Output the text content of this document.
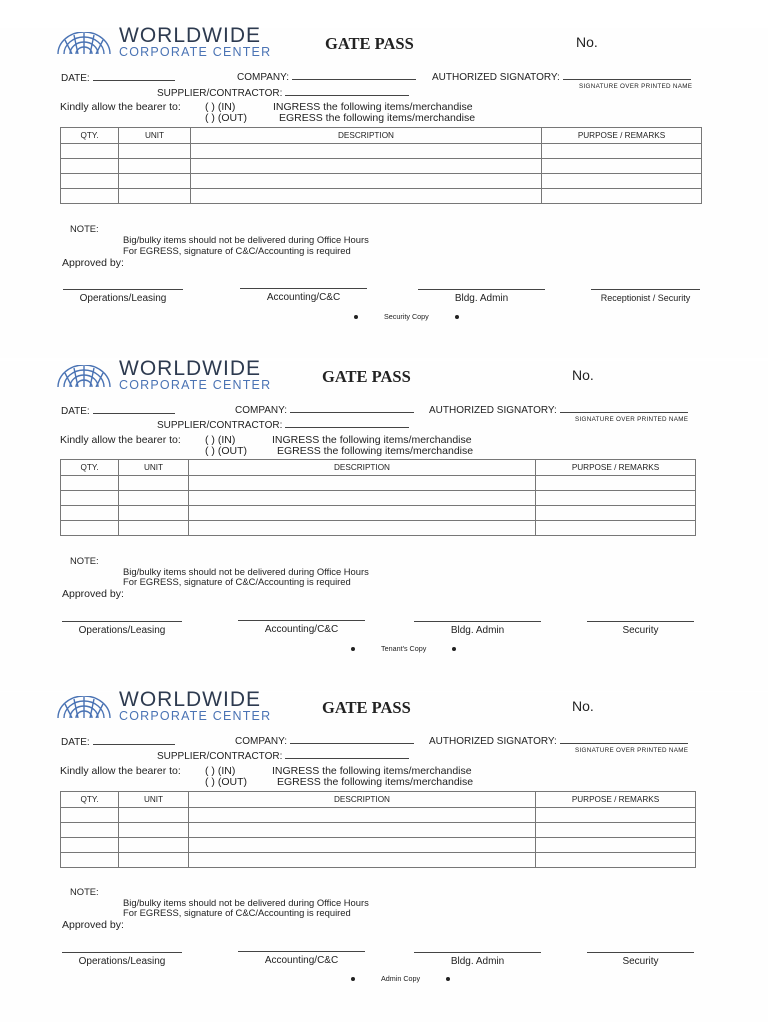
WORLDWIDE
CORPORATE CENTER	GATE PASS	No.
DATE:	COMPANY:	AUTHORIZED SIGNATORY:
SIGNATURE OVER PRINTED NAME
SUPPLIER/CONTRACTOR:
Kindly allow the bearer to: ( ) (IN)	INGRESS the following items/merchandise
( ) (OUT)	EGRESS the following items/merchandise
QTY.	UNIT	DESCRIPTION	PURPOSE / REMARKS

NOTE:
Big/bulky items should not be delivered during Office Hours
For EGRESS, signature of C&C/Accounting is required
Approved by:
Operations/Leasing	Accounting/C&C	Bldg. Admin	Receptionist / Security
Security Copy
WORLDWIDE
CORPORATE CENTER	GATE PASS	No.
DATE:	COMPANY:	AUTHORIZED SIGNATORY:
SIGNATURE OVER PRINTED NAME
SUPPLIER/CONTRACTOR:
Kindly allow the bearer to: ( ) (IN)	INGRESS the following items/merchandise
( ) (OUT)	EGRESS the following items/merchandise
QTY.	UNIT	DESCRIPTION	PURPOSE / REMARKS

NOTE:
Big/bulky items should not be delivered during Office Hours
For EGRESS, signature of C&C/Accounting is required
Approved by:
Operations/Leasing	Accounting/C&C	Bldg. Admin	Security
Tenant's Copy
WORLDWIDE
CORPORATE CENTER	GATE PASS	No.
DATE:	COMPANY:	AUTHORIZED SIGNATORY:
SIGNATURE OVER PRINTED NAME
SUPPLIER/CONTRACTOR:
Kindly allow the bearer to: ( ) (IN)	INGRESS the following items/merchandise
( ) (OUT)	EGRESS the following items/merchandise
QTY.	UNIT	DESCRIPTION	PURPOSE / REMARKS

NOTE:
Big/bulky items should not be delivered during Office Hours
For EGRESS, signature of C&C/Accounting is required
Approved by:
Operations/Leasing	Accounting/C&C	Bldg. Admin	Security
Admin Copy
